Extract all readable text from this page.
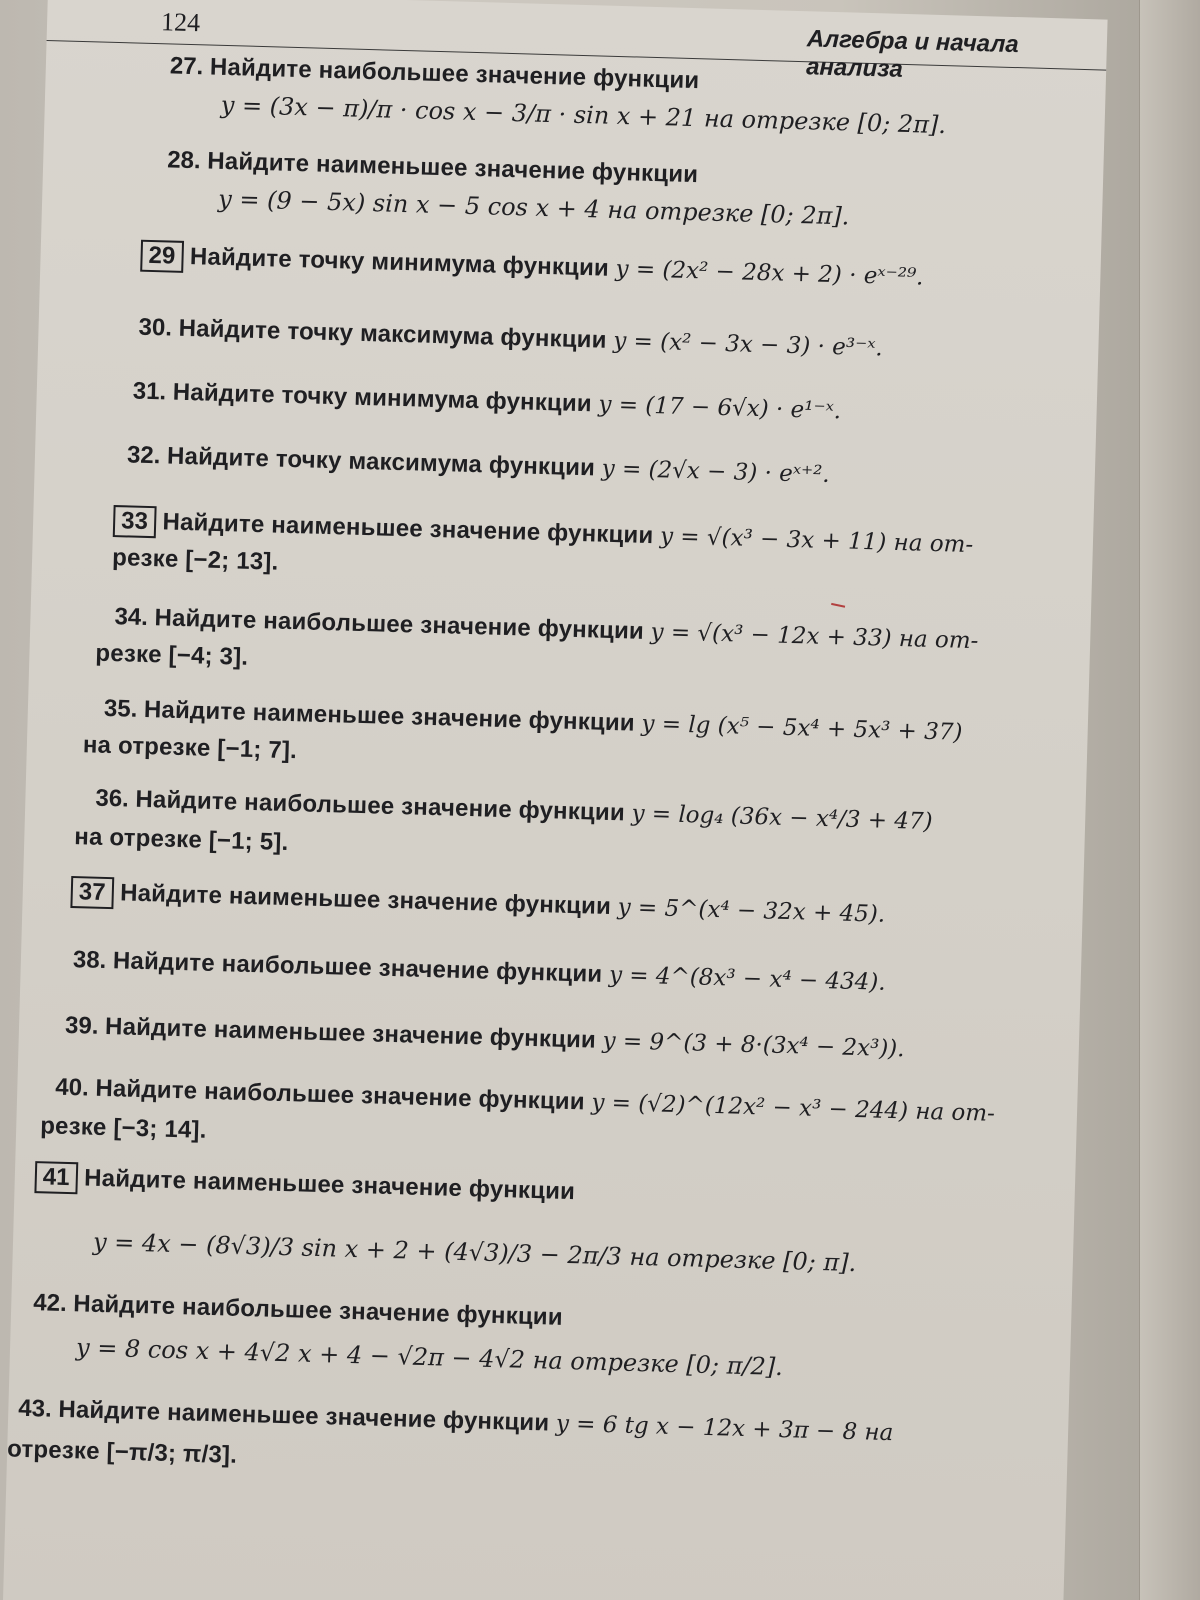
124
Алгебра и начала анализа
27. Найдите наибольшее значение функции
y = (3x − π)/π · cos x − 3/π · sin x + 21 на отрезке [0; 2π].
28. Найдите наименьшее значение функции
y = (9 − 5x) sin x − 5 cos x + 4 на отрезке [0; 2π].
29 Найдите точку минимума функции y = (2x² − 28x + 2) · eˣ⁻²⁹.
30. Найдите точку максимума функции y = (x² − 3x − 3) · e³⁻ˣ.
31. Найдите точку минимума функции y = (17 − 6√x) · e¹⁻ˣ.
32. Найдите точку максимума функции y = (2√x − 3) · eˣ⁺².
33 Найдите наименьшее значение функции y = √(x³ − 3x + 11) на от-
резке [−2; 13].
34. Найдите наибольшее значение функции y = √(x³ − 12x + 33) на от-
резке [−4; 3].
35. Найдите наименьшее значение функции y = lg (x⁵ − 5x⁴ + 5x³ + 37)
на отрезке [−1; 7].
36. Найдите наибольшее значение функции y = log₄ (36x − x⁴/3 + 47)
на отрезке [−1; 5].
37 Найдите наименьшее значение функции y = 5^(x⁴ − 32x + 45).
38. Найдите наибольшее значение функции y = 4^(8x³ − x⁴ − 434).
39. Найдите наименьшее значение функции y = 9^(3 + 8·(3x⁴ − 2x³)).
40. Найдите наибольшее значение функции y = (√2)^(12x² − x³ − 244) на от-
резке [−3; 14].
41 Найдите наименьшее значение функции
y = 4x − (8√3)/3 sin x + 2 + (4√3)/3 − 2π/3 на отрезке [0; π].
42. Найдите наибольшее значение функции
y = 8 cos x + 4√2 x + 4 − √2π − 4√2 на отрезке [0; π/2].
43. Найдите наименьшее значение функции y = 6 tg x − 12x + 3π − 8 на
отрезке [−π/3; π/3].
